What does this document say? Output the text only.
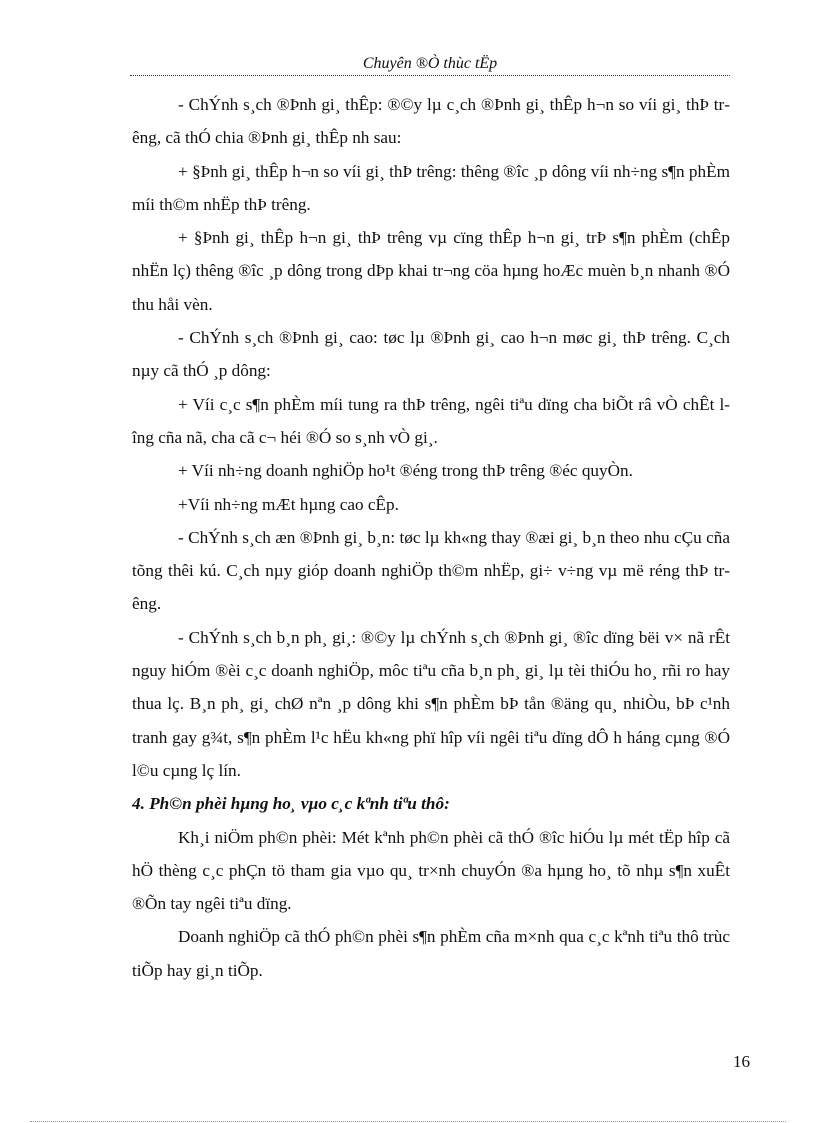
Chuyên ®Ò thùc tËp

- ChÝnh s¸ch ®Þnh gi¸ thÊp: ®©y lµ c¸ch ®Þnh gi¸ thÊp h¬n so víi gi¸ thÞ trêng, cã thÓ chia ®Þnh gi¸ thÊp nh sau:

+ §Þnh gi¸ thÊp h¬n so víi gi¸ thÞ trêng: thêng ®îc ¸p dông víi nh÷ng s¶n phÈm míi th©m nhËp thÞ trêng.

+ §Þnh gi¸ thÊp h¬n gi¸ thÞ trêng vµ cïng thÊp h¬n gi¸ trÞ s¶n phÈm (chÊp nhËn lç) thêng ®îc ¸p dông trong dÞp khai tr¬ng cöa hµng hoÆc muèn b¸n nhanh ®Ó thu håi vèn.

- ChÝnh s¸ch ®Þnh gi¸ cao: tøc lµ ®Þnh gi¸ cao h¬n møc gi¸ thÞ trêng. C¸ch nµy cã thÓ ¸p dông:

+ Víi c¸c s¶n phÈm míi tung ra thÞ trêng, ngêi tiªu dïng cha biÕt râ vÒ chÊt lîng cña nã, cha cã c¬ héi ®Ó so s¸nh vÒ gi¸.

+ Víi nh÷ng doanh nghiÖp ho¹t ®éng trong thÞ trêng ®éc quyÒn.

+Víi nh÷ng mÆt hµng cao cÊp.

- ChÝnh s¸ch æn ®Þnh gi¸ b¸n: tøc lµ kh«ng thay ®æi gi¸ b¸n theo nhu cÇu cña tõng thêi kú. C¸ch nµy gióp doanh nghiÖp th©m nhËp, gi÷ v÷ng vµ më réng thÞ trêng.

- ChÝnh s¸ch b¸n ph¸ gi¸: ®©y lµ chÝnh s¸ch ®Þnh gi¸ ®îc dïng bëi v× nã rÊt nguy hiÓm ®èi c¸c doanh nghiÖp, môc tiªu cña b¸n ph¸ gi¸ lµ tèi thiÓu ho¸ rñi ro hay thua lç. B¸n ph¸ gi¸ chØ nªn ¸p dông khi s¶n phÈm bÞ tån ®äng qu¸ nhiÒu, bÞ c¹nh tranh gay g¾t, s¶n phÈm l¹c hËu kh«ng phï hîp víi ngêi tiªu dïng dÔ h háng cµng ®Ó l©u cµng lç lín.

4. Ph©n phèi hµng ho¸ vµo c¸c kªnh tiªu thô:

Kh¸i niÖm ph©n phèi: Mét kªnh ph©n phèi cã thÓ ®îc hiÓu lµ mét tËp hîp cã hÖ thèng c¸c phÇn tö tham gia vµo qu¸ tr×nh chuyÓn ®a hµng ho¸ tõ nhµ s¶n xuÊt ®Õn tay ngêi tiªu dïng.

Doanh nghiÖp cã thÓ ph©n phèi s¶n phÈm cña m×nh qua c¸c kªnh tiªu thô trùc tiÕp hay gi¸n tiÕp.

16
